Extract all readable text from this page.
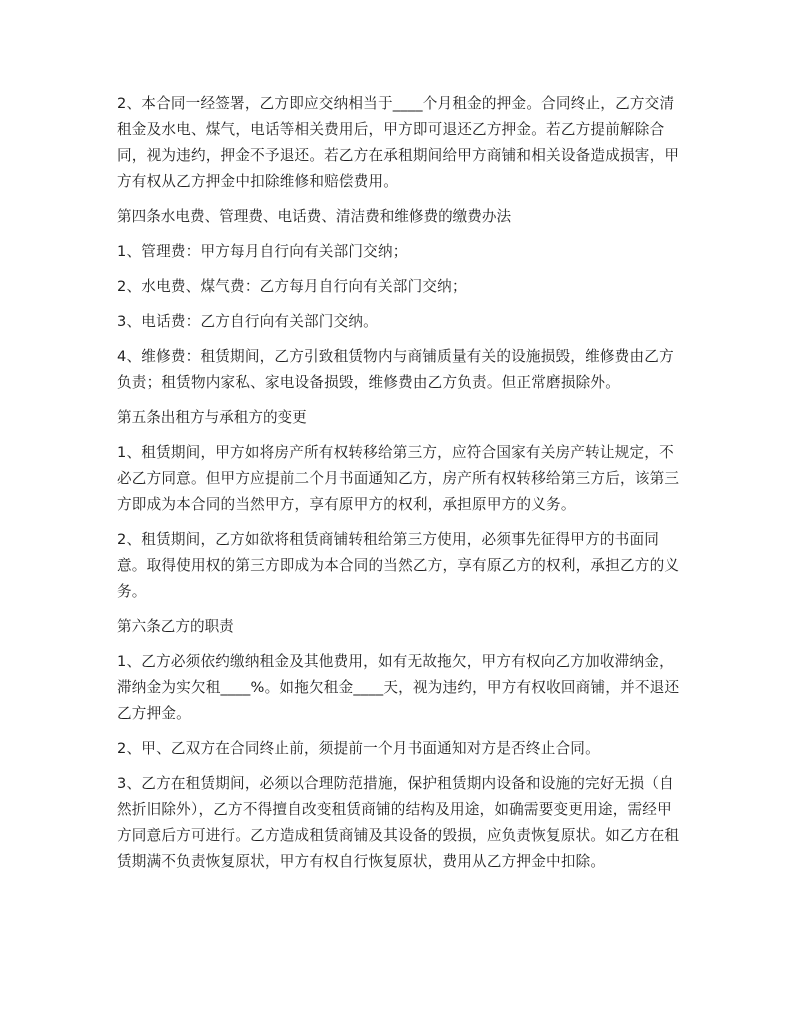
2、本合同一经签署，乙方即应交纳相当于____个月租金的押金。合同终止，乙方交清租金及水电、煤气，电话等相关费用后，甲方即可退还乙方押金。若乙方提前解除合同，视为违约，押金不予退还。若乙方在承租期间给甲方商铺和相关设备造成损害，甲方有权从乙方押金中扣除维修和赔偿费用。

第四条水电费、管理费、电话费、清洁费和维修费的缴费办法

1、管理费：甲方每月自行向有关部门交纳；

2、水电费、煤气费：乙方每月自行向有关部门交纳；

3、电话费：乙方自行向有关部门交纳。

4、维修费：租赁期间，乙方引致租赁物内与商铺质量有关的设施损毁，维修费由乙方负责；租赁物内家私、家电设备损毁，维修费由乙方负责。但正常磨损除外。

第五条出租方与承租方的变更

1、租赁期间，甲方如将房产所有权转移给第三方，应符合国家有关房产转让规定，不必乙方同意。但甲方应提前二个月书面通知乙方，房产所有权转移给第三方后，该第三方即成为本合同的当然甲方，享有原甲方的权利，承担原甲方的义务。

2、租赁期间，乙方如欲将租赁商铺转租给第三方使用，必须事先征得甲方的书面同意。取得使用权的第三方即成为本合同的当然乙方，享有原乙方的权利，承担乙方的义务。

第六条乙方的职责

1、乙方必须依约缴纳租金及其他费用，如有无故拖欠，甲方有权向乙方加收滞纳金，滞纳金为实欠租____%。如拖欠租金____天，视为违约，甲方有权收回商铺，并不退还乙方押金。

2、甲、乙双方在合同终止前，须提前一个月书面通知对方是否终止合同。

3、乙方在租赁期间，必须以合理防范措施，保护租赁期内设备和设施的完好无损（自然折旧除外），乙方不得擅自改变租赁商铺的结构及用途，如确需要变更用途，需经甲方同意后方可进行。乙方造成租赁商铺及其设备的毁损，应负责恢复原状。如乙方在租赁期满不负责恢复原状，甲方有权自行恢复原状，费用从乙方押金中扣除。
